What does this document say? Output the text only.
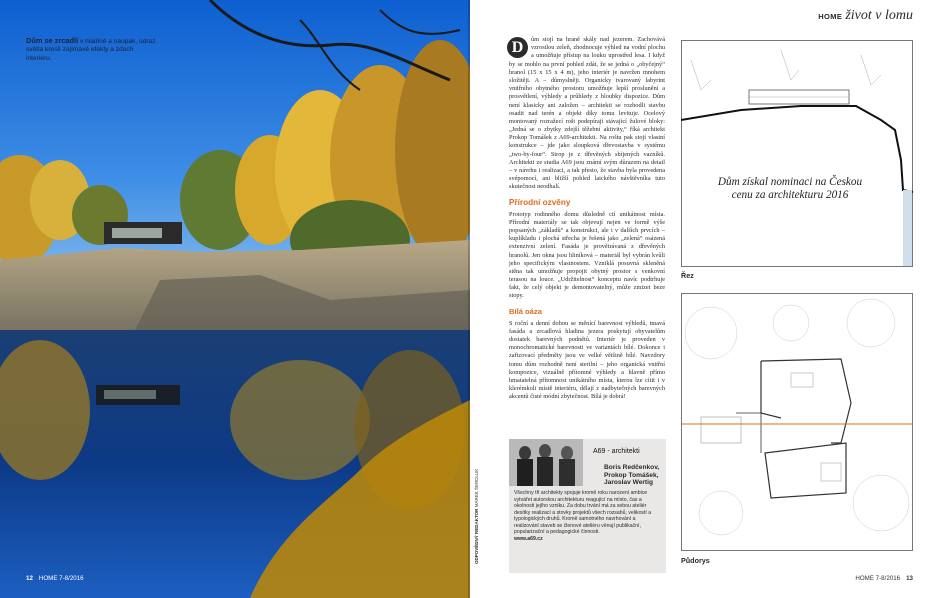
Dům se zrcadlí v hladině a naopak, odraz světla kreslí zajímavé efekty a zdach interiéru.
12 HOME 7-8/2016
HOME život v lomu
ODPOVĚDNÝ REDAKTOR MAREK ŠERDLUK

D	ům stojí na hraně skály nad jezerem. Zachovává vzrostlou zeleň, zhodnocuje výhled na vodní plochu a umožňuje přístup na louku uprostřed lesa. I když by se mohlo na první pohled zdát, že se jedná o „obyčejný“ hranol (15 x 15 x 4 m), jeho interiér je navržen mnohem složitěji. A – důmyslněji. Organicky tvarovaný labyrint vnitřního obytného prostoru umožňuje lepší proslunění a prosvětlení, výhledy a průhledy z hloubky dispozice. Dům není klasicky ani založen – architekti se rozhodli stavbu osadit nad terén a objekt díky tomu levituje. Ocelový montovaný rozražecí rošt podepírají stávající žulové bloky: „Jedná se o zbytky zdejší těžební aktivity,“ říká architekt Prokop Tomášek z A69-architekti. Na roštu pak stojí vlastní konstrukce – jde jako sloupková dřevostavba v systému „two-by-four“. Strop je z dřevěných sbíjených vazníků. Architekti ze studia A69 jsou známí svým důrazem na detail – v návrhu i realizaci, a tak přesto, že stavba byla provedena svépomocí, ani bližší pohled laického návštěvníka tuto skutečnost neodhalí.

Přírodní ozvěny

Prototyp rodinného domu důsledně ctí unikátnost místa. Přírodní materiály se tak objevují nejen ve formě výše popsaných „základů“ a konstrukci, ale i v dalších prvcích – kuplíkladu i plochá střecha je řešená jako „zelená“ osázená extenzivní zelení. Fasáda je provětrávaná z dřevěných hranolů. Jen okna jsou hliníková – materiál byl vybrán kvůli jeho specifickým vlastnostem. Vzniklá posuvná skleněná stěna tak umožňuje propojit obytný prostor s venkovní terasou na louce. „Udržitelnost“ konceptu navíc podtrhuje fakt, že celý objekt je demontovatelný, může zmizet beze stopy.

Bílá oáza

S roční a denní dobou se měnící barevnost výhledů, tmavá fasáda a zrcadlová hladina jezera poskytují obyvatelům dostatek barevných podnětů. Interiér je proveden v monochromatické barevnosti ve variantách bílé. Dokonce i zařizovací předměty jsou ve velké většině bílé. Navzdory tomu dům rozhodně není sterilní – jeho organická vnitřní kompozice, vizuálně přítomné výhledy a hlavně přímo hmatatelná přítomnost unikátního místa, kterou lze cítit i v klerémkoli místě interiéru, dělají z nadbytečných barevných akcentů čisté módní zbytečnost. Bílá je dobrá!

A69 - architekti
Boris Redčenkov,
Prokop Tomášek,
Jaroslav Wertig
Všechny tři architekty spojuje kromě roku narození ambice vytvářet autorskou architekturu reagující na místo, čas a okolnosti jejího vzniku. Za dobu trvání má za sebou ateliér desítky realizací a stovky projektů všech rozsahů, velikostí a typologických druhů. Kromě samotného navrhování a realizování staveb se členové ateliéru věnují publikační, popularizační a pedagogické činnosti.
www.a69.cz
Řez
Dům získal nominaci na Českou cenu za architekturu 2016
Půdorys
HOME 7-8/2016 13
